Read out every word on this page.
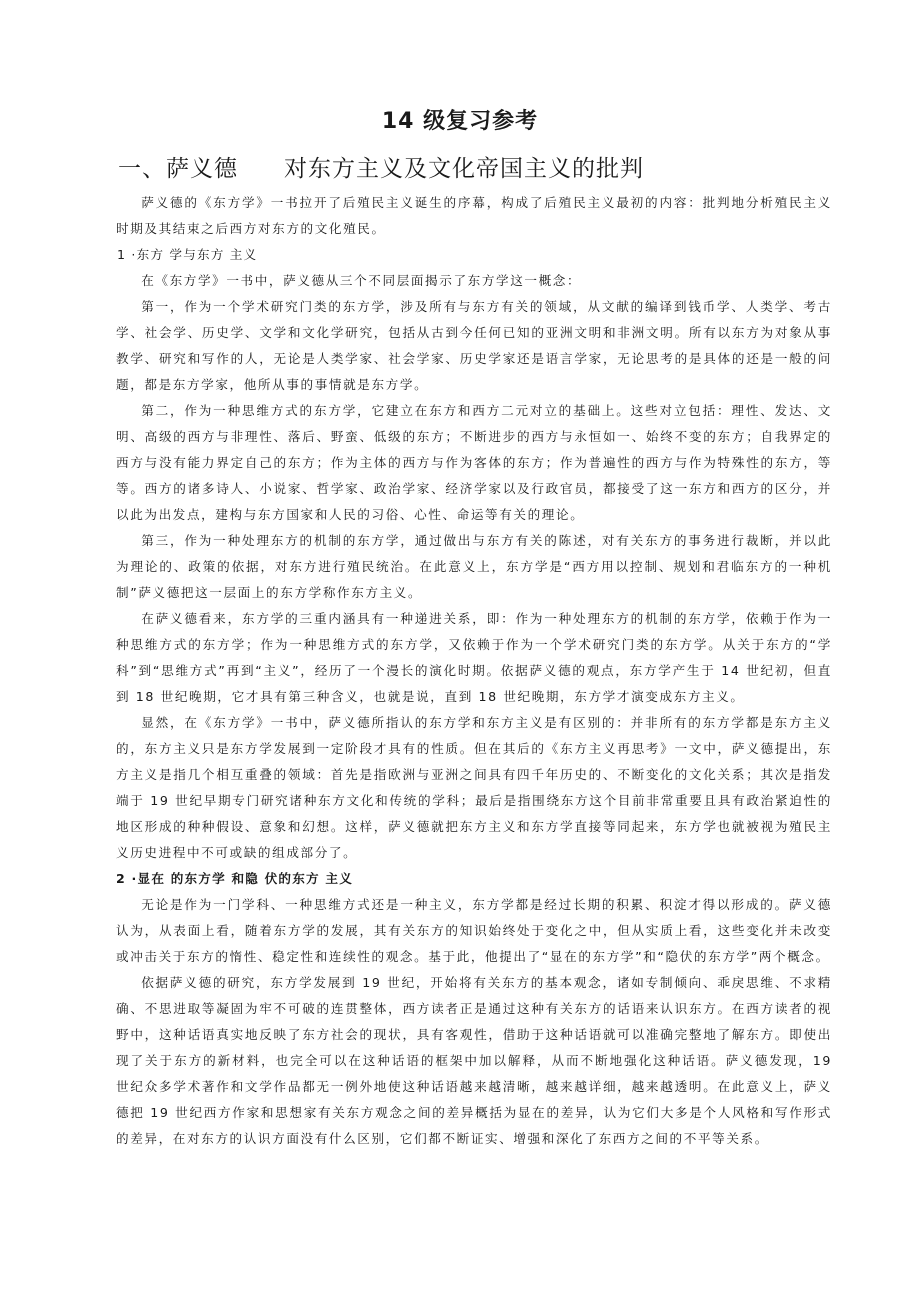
14 级复习参考
一、萨义德 对东方主义及文化帝国主义的批判

萨义德的《东方学》一书拉开了后殖民主义诞生的序幕，构成了后殖民主义最初的内容：批判地分析殖民主义时期及其结束之后西方对东方的文化殖民。

1 ·东方 学与东方 主义

在《东方学》一书中，萨义德从三个不同层面揭示了东方学这一概念：

第一，作为一个学术研究门类的东方学，涉及所有与东方有关的领域，从文献的编译到钱币学、人类学、考古学、社会学、历史学、文学和文化学研究，包括从古到今任何已知的亚洲文明和非洲文明。所有以东方为对象从事教学、研究和写作的人，无论是人类学家、社会学家、历史学家还是语言学家，无论思考的是具体的还是一般的问题，都是东方学家，他所从事的事情就是东方学。

第二，作为一种思维方式的东方学，它建立在东方和西方二元对立的基础上。这些对立包括：理性、发达、文明、高级的西方与非理性、落后、野蛮、低级的东方；不断进步的西方与永恒如一、始终不变的东方；自我界定的西方与没有能力界定自己的东方；作为主体的西方与作为客体的东方；作为普遍性的西方与作为特殊性的东方，等等。西方的诸多诗人、小说家、哲学家、政治学家、经济学家以及行政官员，都接受了这一东方和西方的区分，并以此为出发点，建构与东方国家和人民的习俗、心性、命运等有关的理论。

第三，作为一种处理东方的机制的东方学，通过做出与东方有关的陈述，对有关东方的事务进行裁断，并以此为理论的、政策的依据，对东方进行殖民统治。在此意义上，东方学是“西方用以控制、规划和君临东方的一种机制”萨义德把这一层面上的东方学称作东方主义。

在萨义德看来，东方学的三重内涵具有一种递进关系，即：作为一种处理东方的机制的东方学，依赖于作为一种思维方式的东方学；作为一种思维方式的东方学，又依赖于作为一个学术研究门类的东方学。从关于东方的“学科”到“思维方式”再到“主义”，经历了一个漫长的演化时期。依据萨义德的观点，东方学产生于 14 世纪初，但直到 18 世纪晚期，它才具有第三种含义，也就是说，直到 18 世纪晚期，东方学才演变成东方主义。

显然，在《东方学》一书中，萨义德所指认的东方学和东方主义是有区别的：并非所有的东方学都是东方主义的，东方主义只是东方学发展到一定阶段才具有的性质。但在其后的《东方主义再思考》一文中，萨义德提出，东方主义是指几个相互重叠的领域：首先是指欧洲与亚洲之间具有四千年历史的、不断变化的文化关系；其次是指发端于 19 世纪早期专门研究诸种东方文化和传统的学科；最后是指围绕东方这个目前非常重要且具有政治紧迫性的地区形成的种种假设、意象和幻想。这样，萨义德就把东方主义和东方学直接等同起来，东方学也就被视为殖民主义历史进程中不可或缺的组成部分了。

2 ·显在 的东方学 和隐 伏的东方 主义

无论是作为一门学科、一种思维方式还是一种主义，东方学都是经过长期的积累、积淀才得以形成的。萨义德认为，从表面上看，随着东方学的发展，其有关东方的知识始终处于变化之中，但从实质上看，这些变化并未改变或冲击关于东方的惰性、稳定性和连续性的观念。基于此，他提出了“显在的东方学”和“隐伏的东方学”两个概念。

依据萨义德的研究，东方学发展到 19 世纪，开始将有关东方的基本观念，诸如专制倾向、乖戾思维、不求精确、不思进取等凝固为牢不可破的连贯整体，西方读者正是通过这种有关东方的话语来认识东方。在西方读者的视野中，这种话语真实地反映了东方社会的现状，具有客观性，借助于这种话语就可以准确完整地了解东方。即使出现了关于东方的新材料，也完全可以在这种话语的框架中加以解释，从而不断地强化这种话语。萨义德发现，19 世纪众多学术著作和文学作品都无一例外地使这种话语越来越清晰，越来越详细，越来越透明。在此意义上，萨义德把 19 世纪西方作家和思想家有关东方观念之间的差异概括为显在的差异，认为它们大多是个人风格和写作形式的差异，在对东方的认识方面没有什么区别，它们都不断证实、增强和深化了东西方之间的不平等关系。
